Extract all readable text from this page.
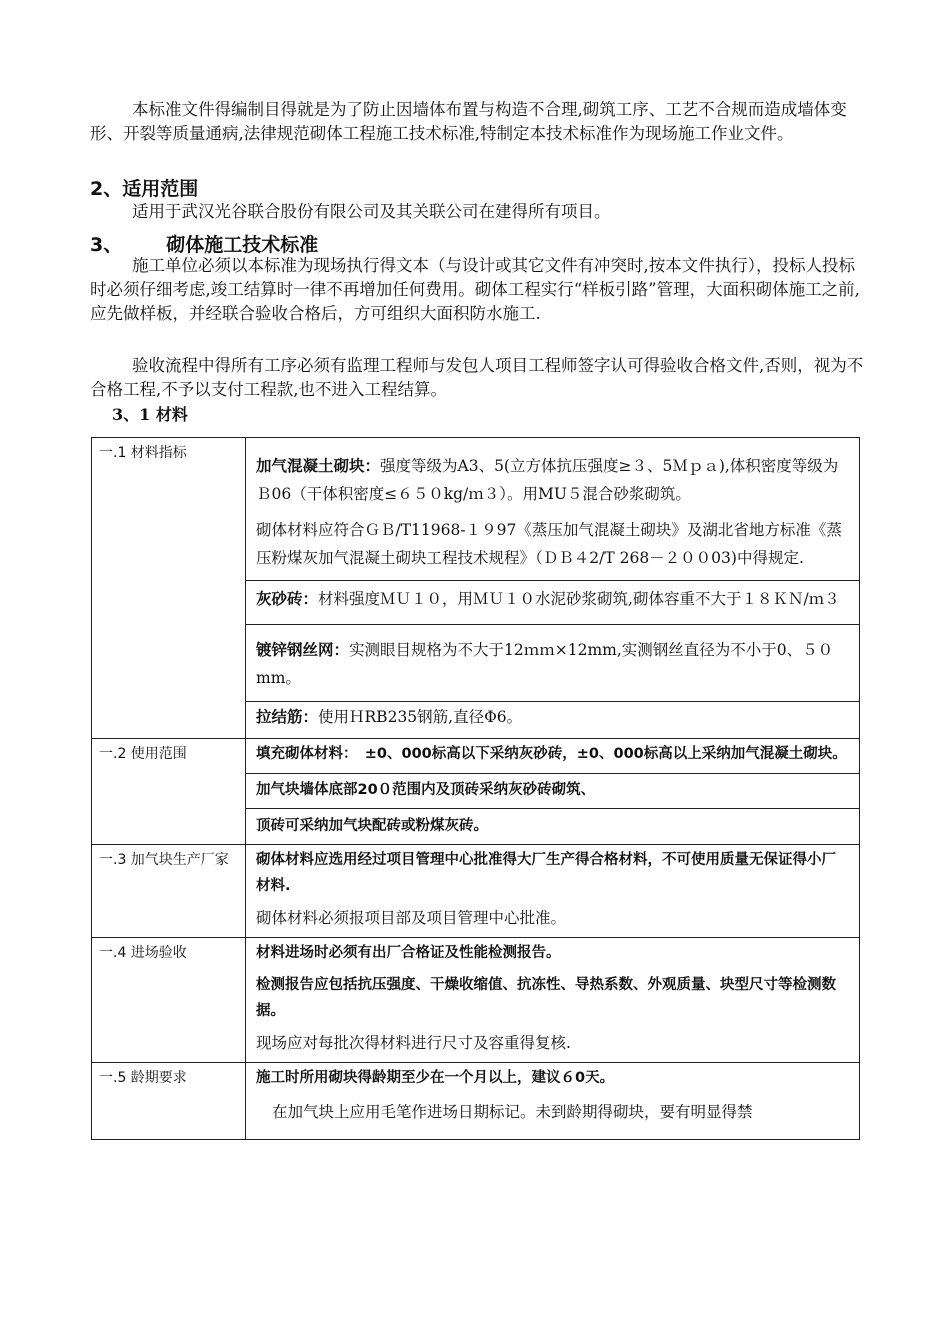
本标准文件得编制目得就是为了防止因墙体布置与构造不合理,砌筑工序、工艺不合规而造成墙体变形、开裂等质量通病,法律规范砌体工程施工技术标准,特制定本技术标准作为现场施工作业文件。

2、适用范围

适用于武汉光谷联合股份有限公司及其关联公司在建得所有项目。

3、 砌体施工技术标准

施工单位必须以本标准为现场执行得文本（与设计或其它文件有冲突时,按本文件执行），投标人投标时必须仔细考虑,竣工结算时一律不再增加任何费用。砌体工程实行“样板引路”管理，大面积砌体施工之前,应先做样板，并经联合验收合格后，方可组织大面积防水施工.

验收流程中得所有工序必须有监理工程师与发包人项目工程师签字认可得验收合格文件,否则，视为不合格工程,不予以支付工程款,也不进入工程结算。

3、1 材料
一.1 材料指标	加气混凝土砌块：强度等级为A3、5(立方体抗压强度≥３、5Ｍｐａ),体积密度等级为Ｂ06（干体积密度≤６５０kg/ｍ３）。用MU５混合砂浆砌筑。

砌体材料应符合ＧＢ/T11968-１９97《蒸压加气混凝土砌块》及湖北省地方标准《蒸压粉煤灰加气混凝土砌块工程技术规程》（ＤＢ４2/T 268－２００03)中得规定.

灰砂砖：材料强度ＭＵ１０，用ＭＵ１０水泥砂浆砌筑,砌体容重不大于１８ＫＮ/ｍ３

镀锌钢丝网：实测眼目规格为不大于12ｍｍ×12mm,实测钢丝直径为不小于0、５０mm。

拉结筋：使用ＨRB235钢筋,直径Φ6。

一.2 使用范围	填充砌体材料：　±0、000标高以下采纳灰砂砖，±0、000标高以上采纳加气混凝土砌块。

加气块墙体底部20０范围内及顶砖采纳灰砂砖砌筑、

顶砖可采纳加气块配砖或粉煤灰砖。

一.3 加气块生产厂家	砌体材料应选用经过项目管理中心批准得大厂生产得合格材料，不可使用质量无保证得小厂材料.

砌体材料必须报项目部及项目管理中心批准。

一.4 进场验收	材料进场时必须有出厂合格证及性能检测报告。

检测报告应包括抗压强度、干燥收缩值、抗冻性、导热系数、外观质量、块型尺寸等检测数据。

现场应对每批次得材料进行尺寸及容重得复核.

一.5 龄期要求	施工时所用砌块得龄期至少在一个月以上，建议６0天。

在加气块上应用毛笔作进场日期标记。未到龄期得砌块，要有明显得禁
